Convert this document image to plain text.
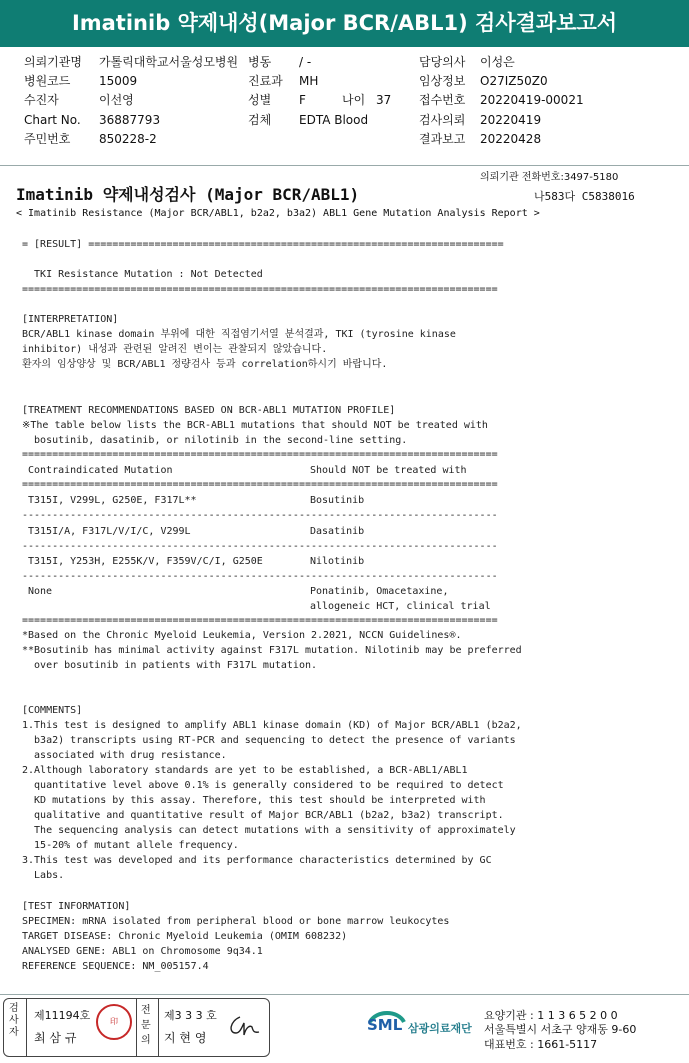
Imatinib 약제내성(Major BCR/ABL1) 검사결과보고서
의뢰기관명 가톨릭대학교서울성모병원
병원코드 15009
수진자	이선영
Chart No. 36887793
주민번호 850228-2
병동 / -
진료과 MH
성별 F
검체 EDTA Blood
담당의사 이성은
임상정보 O27IZ50Z0
접수번호 20220419-00021
검사의뢰 20220419
결과보고 20220428
나이 37
의뢰기관 전화번호:3497-5180
Imatinib 약제내성검사 (Major BCR/ABL1)	나583다 C5838016
< Imatinib Resistance (Major BCR/ABL1, b2a2, b3a2) ABL1 Gene Mutation Analysis Report >
= [RESULT] =====================================================================
TKI Resistance Mutation : Not Detected
===============================================================================
[INTERPRETATION]
BCR/ABL1 kinase domain 부위에 대한 직접염기서열 분석결과, TKI (tyrosine kinase
inhibitor) 내성과 관련된 알려진 변이는 관찰되지 않았습니다.
환자의 임상양상 및 BCR/ABL1 정량검사 등과 correlation하시기 바랍니다.
[TREATMENT RECOMMENDATIONS BASED ON BCR-ABL1 MUTATION PROFILE]
※The table below lists the BCR-ABL1 mutations that should NOT be treated with
bosutinib, dasatinib, or nilotinib in the second-line setting.
===============================================================================
Contraindicated Mutation	Should NOT be treated with
===============================================================================
T315I, V299L, G250E, F317L**	Bosutinib
-------------------------------------------------------------------------------
T315I/A, F317L/V/I/C, V299L	Dasatinib
-------------------------------------------------------------------------------
T315I, Y253H, E255K/V, F359V/C/I, G250E	Nilotinib
-------------------------------------------------------------------------------
None	Ponatinib, Omacetaxine,
allogeneic HCT, clinical trial
===============================================================================
*Based on the Chronic Myeloid Leukemia, Version 2.2021, NCCN Guidelines®.
**Bosutinib has minimal activity against F317L mutation. Nilotinib may be preferred
over bosutinib in patients with F317L mutation.
[COMMENTS]
1.This test is designed to amplify ABL1 kinase domain (KD) of Major BCR/ABL1 (b2a2,
b3a2) transcripts using RT-PCR and sequencing to detect the presence of variants
associated with drug resistance.
2.Although laboratory standards are yet to be established, a BCR-ABL1/ABL1
quantitative level above 0.1% is generally considered to be required to detect
KD mutations by this assay. Therefore, this test should be interpreted with
qualitative and quantitative result of Major BCR/ABL1 (b2a2, b3a2) transcript.
The sequencing analysis can detect mutations with a sensitivity of approximately
15-20% of mutant allele frequency.
3.This test was developed and its performance characteristics determined by GC
Labs.
[TEST INFORMATION]
SPECIMEN: mRNA isolated from peripheral blood or bone marrow leukocytes
TARGET DISEASE: Chronic Myeloid Leukemia (OMIM 608232)
ANALYSED GENE: ABL1 on Chromosome 9q34.1
REFERENCE SEQUENCE: NM_005157.4
검사자
제11194호
최 삼 규
印
전문의
제3 3 3 호
지 현 영
SML 삼광의료재단
요양기관 : 1 1 3 6 5 2 0 0
서울특별시 서초구 양재동 9-60
대표번호 : 1661-5117
